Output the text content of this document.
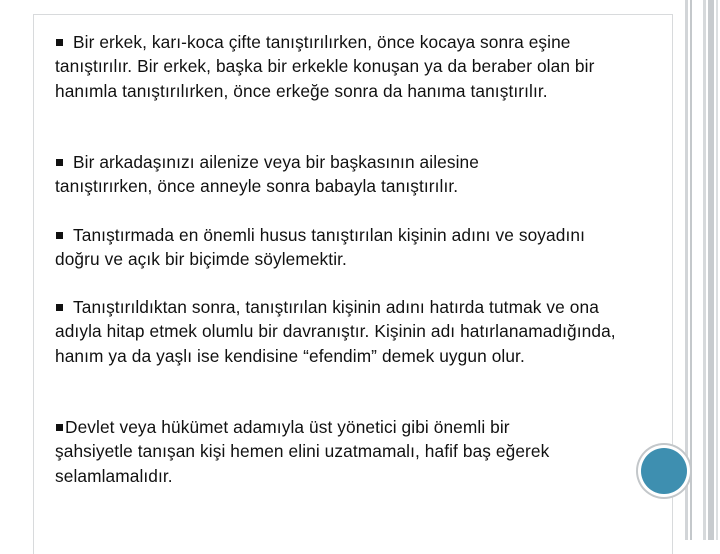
Bir erkek, karı-koca çifte tanıştırılırken, önce kocaya sonra eşine tanıştırılır. Bir erkek, başka bir erkekle konuşan ya da beraber olan bir hanımla tanıştırılırken, önce erkeğe sonra da hanıma tanıştırılır.

Bir arkadaşınızı ailenize veya bir başkasının ailesine tanıştırırken, önce anneyle sonra babayla tanıştırılır.

Tanıştırmada en önemli husus tanıştırılan kişinin adını ve soyadını doğru ve açık bir biçimde söylemektir.

Tanıştırıldıktan sonra, tanıştırılan kişinin adını hatırda tutmak ve ona adıyla hitap etmek olumlu bir davranıştır. Kişinin adı hatırlanamadığında, hanım ya da yaşlı ise kendisine “efendim” demek uygun olur.

Devlet veya hükümet adamıyla üst yönetici gibi önemli bir şahsiyetle tanışan kişi hemen elini uzatmamalı, hafif baş eğerek selamlamalıdır.
